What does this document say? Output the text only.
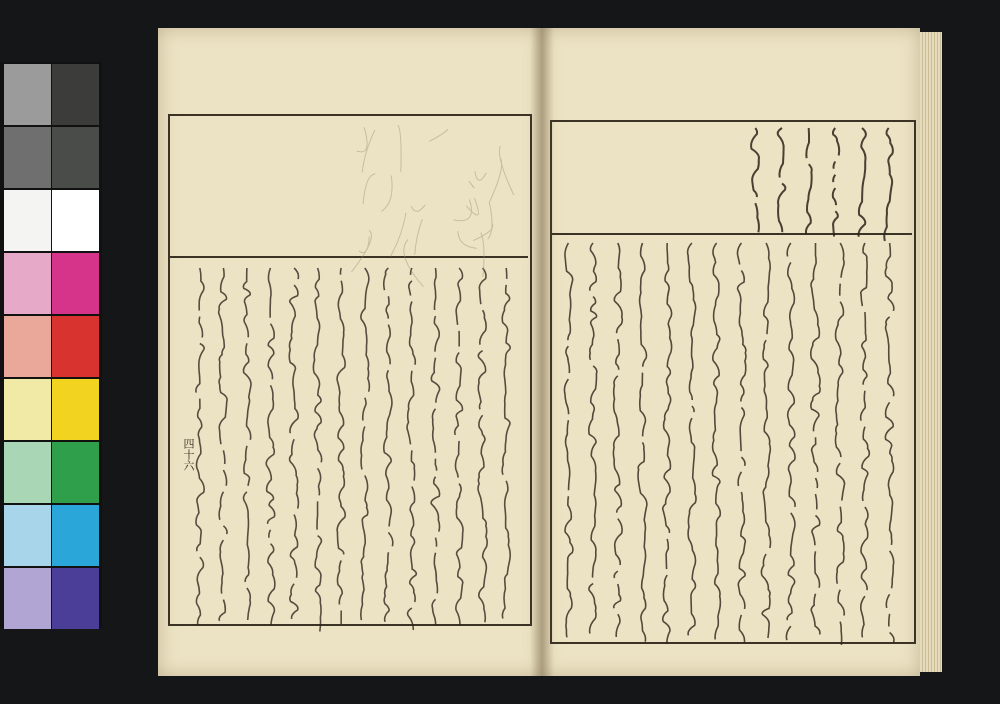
四十六
